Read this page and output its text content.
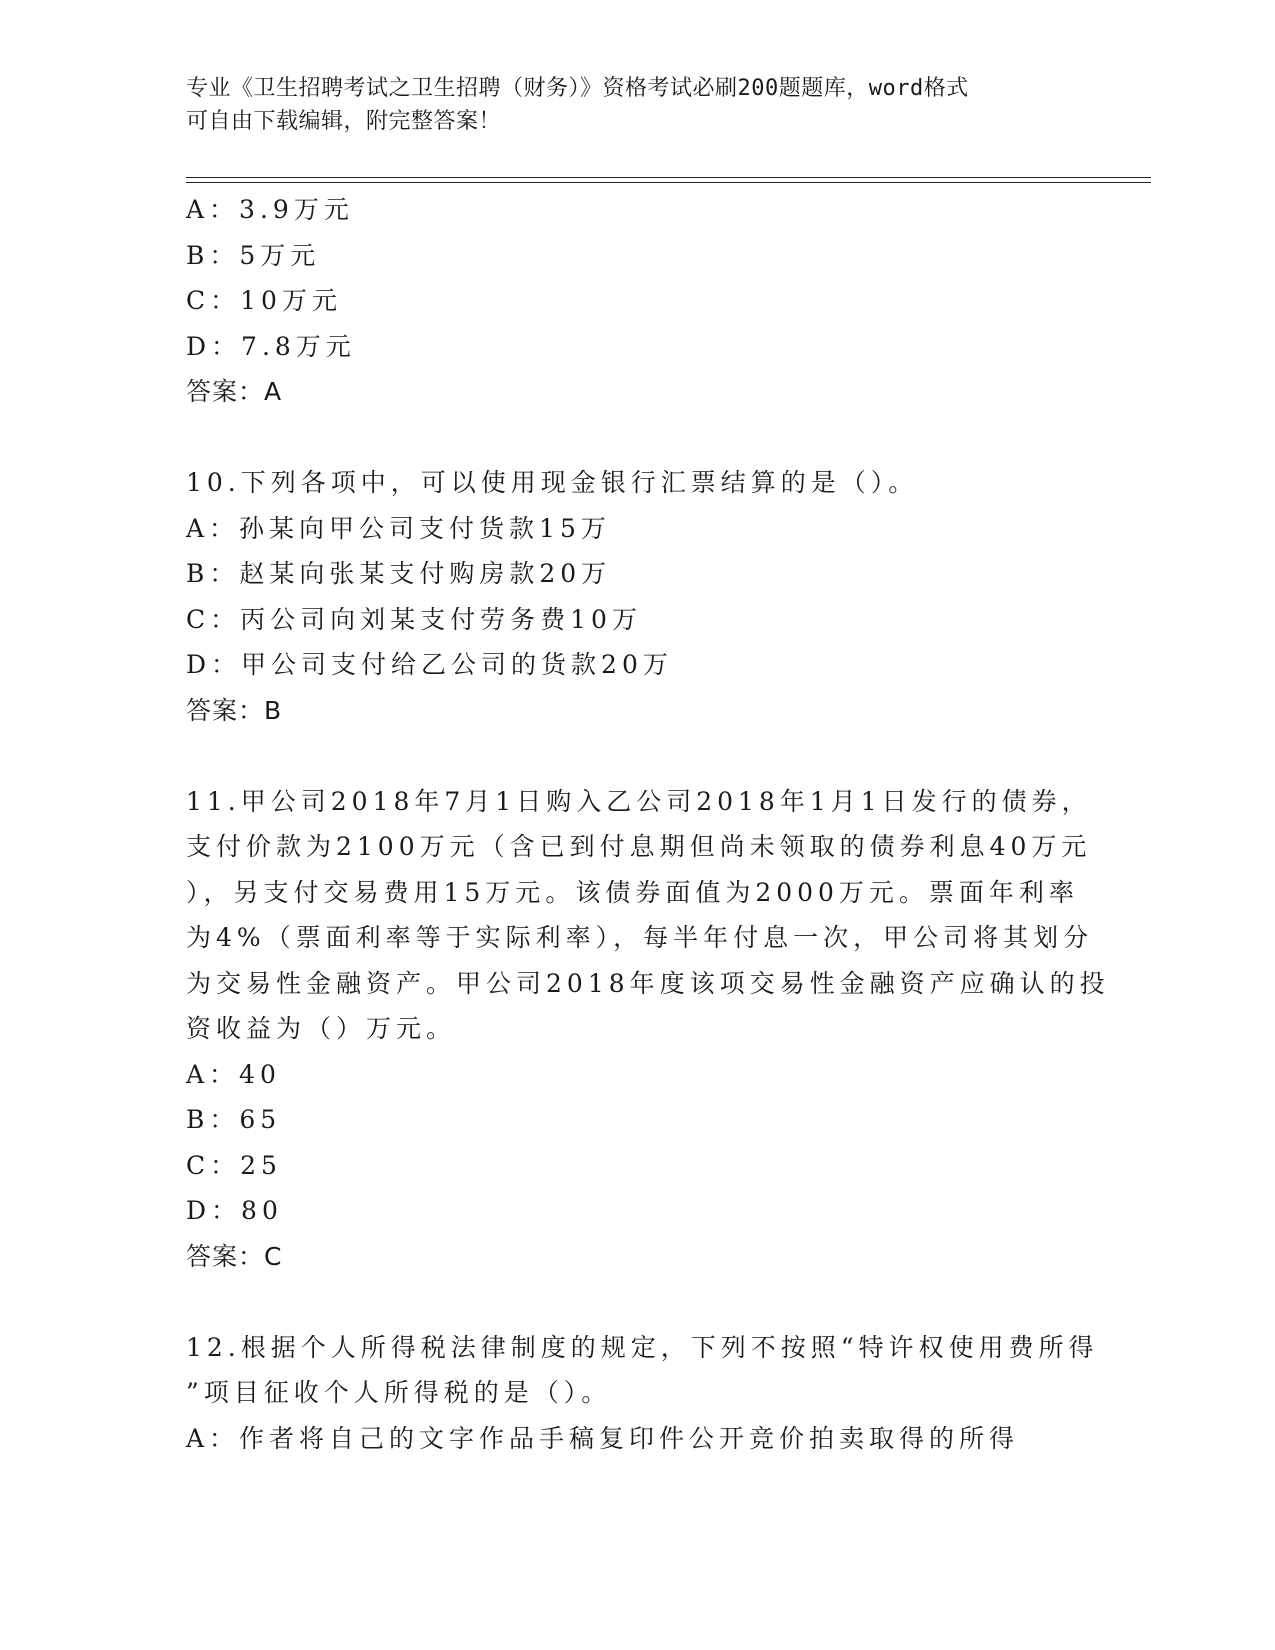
专业《卫生招聘考试之卫生招聘（财务）》资格考试必刷200题题库，word格式
可自由下载编辑，附完整答案！
A：3.9万元
B：5万元
C：10万元
D：7.8万元
答案：A
10.下列各项中，可以使用现金银行汇票结算的是（）。
A：孙某向甲公司支付货款15万
B：赵某向张某支付购房款20万
C：丙公司向刘某支付劳务费10万
D：甲公司支付给乙公司的货款20万
答案：B
11.甲公司2018年7月1日购入乙公司2018年1月1日发行的债券，
支付价款为2100万元（含已到付息期但尚未领取的债券利息40万元
），另支付交易费用15万元。该债券面值为2000万元。票面年利率
为4%（票面利率等于实际利率），每半年付息一次，甲公司将其划分
为交易性金融资产。甲公司2018年度该项交易性金融资产应确认的投
资收益为（）万元。
A：40
B：65
C：25
D：80
答案：C
12.根据个人所得税法律制度的规定，下列不按照“特许权使用费所得
”项目征收个人所得税的是（）。
A：作者将自己的文字作品手稿复印件公开竞价拍卖取得的所得
